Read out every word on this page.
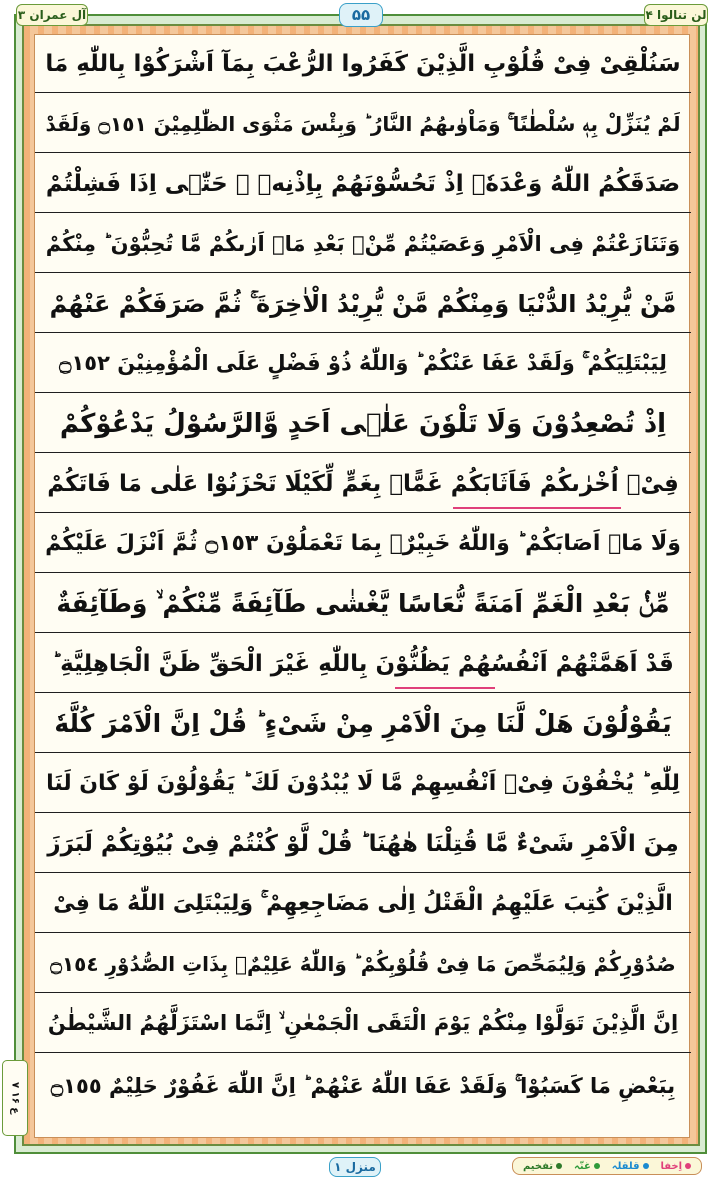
لن تنالوا ۴
۵۵
آل عمران ۳
سَنُلْقِىْ فِىْ قُلُوْبِ الَّذِيْنَ كَفَرُوا الرُّعْبَ بِمَآ اَشْرَكُوْا بِاللّٰهِ مَا
لَمْ يُنَزِّلْ بِهٖ سُلْطٰنًا ۚ وَمَاْوٰىهُمُ النَّارُ ؕ وَبِئْسَ مَثْوَى الظّٰلِمِيْنَ ۝١٥١ وَلَقَدْ
صَدَقَكُمُ اللّٰهُ وَعْدَهٗۤ اِذْ تَحُسُّوْنَهُمْ بِاِذْنِهٖ ۚ حَتّٰۤى اِذَا فَشِلْتُمْ
وَتَنَازَعْتُمْ فِى الْاَمْرِ وَعَصَيْتُمْ مِّنْۢ بَعْدِ مَاۤ اَرٰىكُمْ مَّا تُحِبُّوْنَ ؕ مِنْكُمْ
مَّنْ يُّرِيْدُ الدُّنْيَا وَمِنْكُمْ مَّنْ يُّرِيْدُ الْاٰخِرَةَ ۚ ثُمَّ صَرَفَكُمْ عَنْهُمْ
لِيَبْتَلِيَكُمْ ۚ وَلَقَدْ عَفَا عَنْكُمْ ؕ وَاللّٰهُ ذُوْ فَضْلٍ عَلَى الْمُؤْمِنِيْنَ ۝١٥٢
اِذْ تُصْعِدُوْنَ وَلَا تَلْوٗنَ عَلٰۤى اَحَدٍ وَّالرَّسُوْلُ يَدْعُوْكُمْ
فِىْۤ اُخْرٰىكُمْ فَاَثَابَكُمْ غَمًّاۢ بِغَمٍّ لِّكَيْلَا تَحْزَنُوْا عَلٰى مَا فَاتَكُمْ
وَلَا مَاۤ اَصَابَكُمْ ؕ وَاللّٰهُ خَبِيْرٌۢ بِمَا تَعْمَلُوْنَ ۝١٥٣ ثُمَّ اَنْزَلَ عَلَيْكُمْ
مِّنْۢ بَعْدِ الْغَمِّ اَمَنَةً نُّعَاسًا يَّغْشٰى طَآئِفَةً مِّنْكُمْ ۙ وَطَآئِفَةٌ
قَدْ اَهَمَّتْهُمْ اَنْفُسُهُمْ يَظُنُّوْنَ بِاللّٰهِ غَيْرَ الْحَقِّ ظَنَّ الْجَاهِلِيَّةِ ؕ
يَقُوْلُوْنَ هَلْ لَّنَا مِنَ الْاَمْرِ مِنْ شَىْءٍ ؕ قُلْ اِنَّ الْاَمْرَ كُلَّهٗ
لِلّٰهِ ؕ يُخْفُوْنَ فِىْۤ اَنْفُسِهِمْ مَّا لَا يُبْدُوْنَ لَكَ ؕ يَقُوْلُوْنَ لَوْ كَانَ لَنَا
مِنَ الْاَمْرِ شَىْءٌ مَّا قُتِلْنَا هٰهُنَا ؕ قُلْ لَّوْ كُنْتُمْ فِىْ بُيُوْتِكُمْ لَبَرَزَ
الَّذِيْنَ كُتِبَ عَلَيْهِمُ الْقَتْلُ اِلٰى مَضَاجِعِهِمْ ۚ وَلِيَبْتَلِىَ اللّٰهُ مَا فِىْ
صُدُوْرِكُمْ وَلِيُمَحِّصَ مَا فِىْ قُلُوْبِكُمْ ؕ وَاللّٰهُ عَلِيْمٌۢ بِذَاتِ الصُّدُوْرِ ۝١٥٤
اِنَّ الَّذِيْنَ تَوَلَّوْا مِنْكُمْ يَوْمَ الْتَقَى الْجَمْعٰنِ ۙ اِنَّمَا اسْتَزَلَّهُمُ الشَّيْطٰنُ
بِبَعْضِ مَا كَسَبُوْا ۚ وَلَقَدْ عَفَا اللّٰهُ عَنْهُمْ ؕ اِنَّ اللّٰهَ غَفُوْرٌ حَلِيْمٌ ۝١٥٥
ع ۱۶ ۷
منزل ۱	اِخفا
قلقلہ
غنّہ
تفخیم
